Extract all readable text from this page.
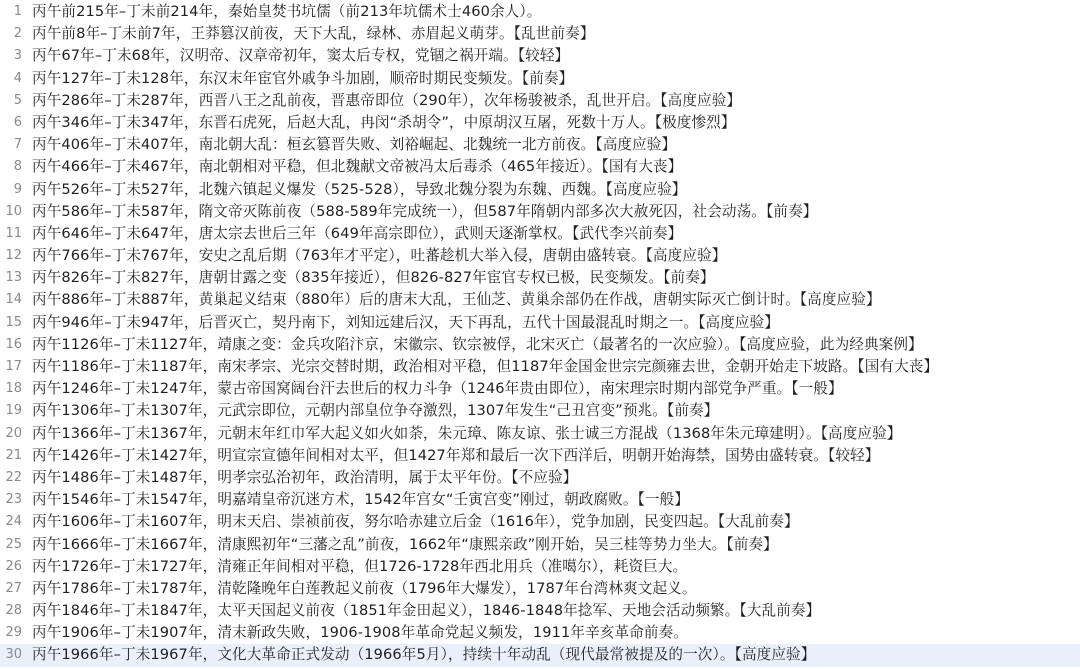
1 丙午前215年–丁未前214年，秦始皇焚书坑儒（前213年坑儒术士460余人）。
2 丙午前8年–丁未前7年，王莽篡汉前夜，天下大乱，绿林、赤眉起义萌芽。【乱世前奏】
3 丙午67年–丁未68年，汉明帝、汉章帝初年，窦太后专权，党锢之祸开端。【较轻】
4 丙午127年–丁未128年，东汉末年宦官外戚争斗加剧，顺帝时期民变频发。【前奏】
5 丙午286年–丁未287年，西晋八王之乱前夜，晋惠帝即位（290年），次年杨骏被杀，乱世开启。【高度应验】
6 丙午346年–丁未347年，东晋石虎死，后赵大乱，冉闵“杀胡令”，中原胡汉互屠，死数十万人。【极度惨烈】
7 丙午406年–丁未407年，南北朝大乱：桓玄篡晋失败、刘裕崛起、北魏统一北方前夜。【高度应验】
8 丙午466年–丁未467年，南北朝相对平稳，但北魏献文帝被冯太后毒杀（465年接近）。【国有大丧】
9 丙午526年–丁未527年，北魏六镇起义爆发（525-528），导致北魏分裂为东魏、西魏。【高度应验】
10 丙午586年–丁未587年，隋文帝灭陈前夜（588-589年完成统一），但587年隋朝内部多次大赦死囚，社会动荡。【前奏】
11 丙午646年–丁未647年，唐太宗去世后三年（649年高宗即位），武则天逐渐掌权。【武代李兴前奏】
12 丙午766年–丁未767年，安史之乱后期（763年才平定），吐蕃趁机大举入侵，唐朝由盛转衰。【高度应验】
13 丙午826年–丁未827年，唐朝甘露之变（835年接近），但826-827年宦官专权已极，民变频发。【前奏】
14 丙午886年–丁未887年，黄巢起义结束（880年）后的唐末大乱，王仙芝、黄巢余部仍在作战，唐朝实际灭亡倒计时。【高度应验】
15 丙午946年–丁未947年，后晋灭亡，契丹南下，刘知远建后汉，天下再乱，五代十国最混乱时期之一。【高度应验】
16 丙午1126年–丁未1127年，靖康之变：金兵攻陷汴京，宋徽宗、钦宗被俘，北宋灭亡（最著名的一次应验）。【高度应验，此为经典案例】
17 丙午1186年–丁未1187年，南宋孝宗、光宗交替时期，政治相对平稳，但1187年金国金世宗完颜雍去世，金朝开始走下坡路。【国有大丧】
18 丙午1246年–丁未1247年，蒙古帝国窝阔台汗去世后的权力斗争（1246年贵由即位），南宋理宗时期内部党争严重。【一般】
19 丙午1306年–丁未1307年，元武宗即位，元朝内部皇位争夺激烈，1307年发生“己丑宫变”预兆。【前奏】
20 丙午1366年–丁未1367年，元朝末年红巾军大起义如火如荼，朱元璋、陈友谅、张士诚三方混战（1368年朱元璋建明）。【高度应验】
21 丙午1426年–丁未1427年，明宣宗宣德年间相对太平，但1427年郑和最后一次下西洋后，明朝开始海禁，国势由盛转衰。【较轻】
22 丙午1486年–丁未1487年，明孝宗弘治初年，政治清明，属于太平年份。【不应验】
23 丙午1546年–丁未1547年，明嘉靖皇帝沉迷方术，1542年宫女“壬寅宫变”刚过，朝政腐败。【一般】
24 丙午1606年–丁未1607年，明末天启、崇祯前夜，努尔哈赤建立后金（1616年），党争加剧，民变四起。【大乱前奏】
25 丙午1666年–丁未1667年，清康熙初年“三藩之乱”前夜，1662年“康熙亲政”刚开始，吴三桂等势力坐大。【前奏】
26 丙午1726年–丁未1727年，清雍正年间相对平稳，但1726-1728年西北用兵（准噶尔），耗资巨大。
27 丙午1786年–丁未1787年，清乾隆晚年白莲教起义前夜（1796年大爆发），1787年台湾林爽文起义。
28 丙午1846年–丁未1847年，太平天国起义前夜（1851年金田起义），1846-1848年捻军、天地会活动频繁。【大乱前奏】
29 丙午1906年–丁未1907年，清末新政失败，1906-1908年革命党起义频发，1911年辛亥革命前奏。
30 丙午1966年–丁未1967年，文化大革命正式发动（1966年5月），持续十年动乱（现代最常被提及的一次）。【高度应验】
